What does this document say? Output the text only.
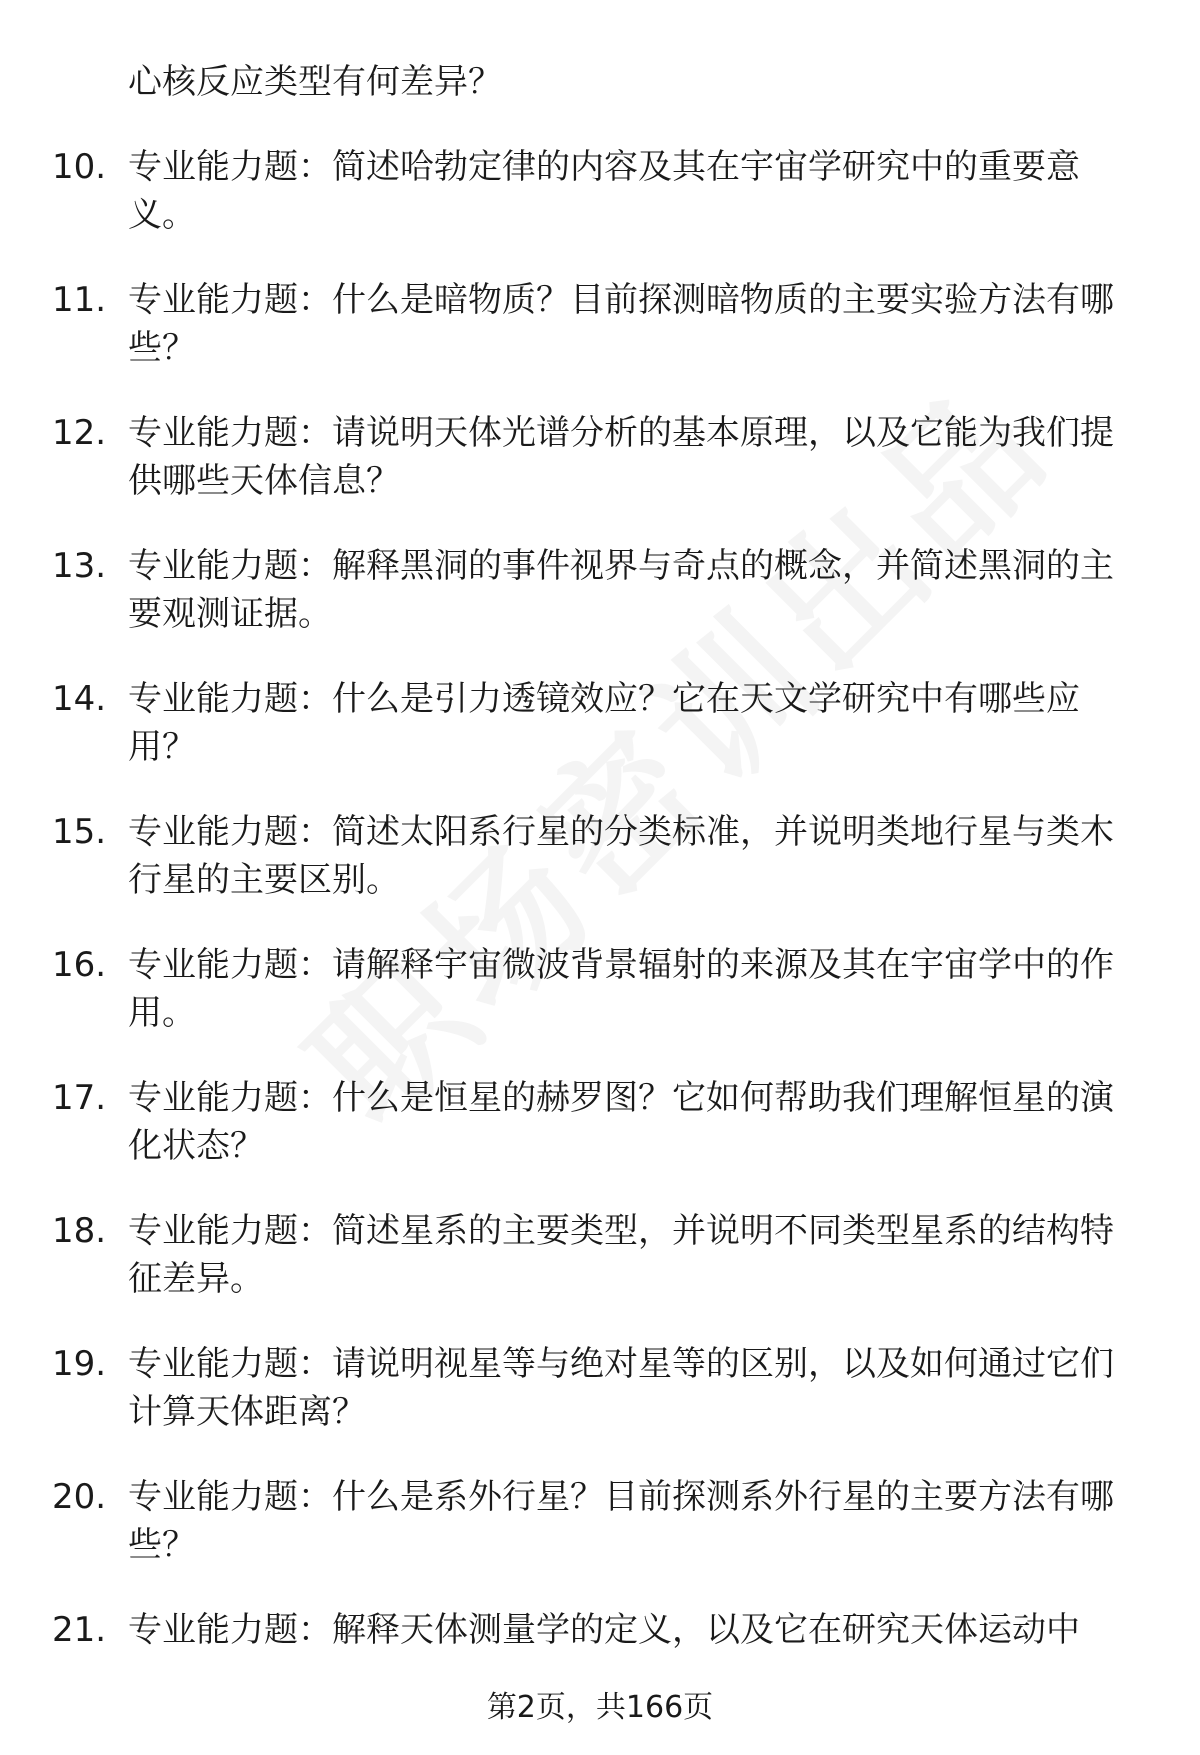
心核反应类型有何差异？
10. 专业能力题：简述哈勃定律的内容及其在宇宙学研究中的重要意义。
11. 专业能力题：什么是暗物质？目前探测暗物质的主要实验方法有哪些？
12. 专业能力题：请说明天体光谱分析的基本原理，以及它能为我们提供哪些天体信息？
13. 专业能力题：解释黑洞的事件视界与奇点的概念，并简述黑洞的主要观测证据。
14. 专业能力题：什么是引力透镜效应？它在天文学研究中有哪些应用？
15. 专业能力题：简述太阳系行星的分类标准，并说明类地行星与类木行星的主要区别。
16. 专业能力题：请解释宇宙微波背景辐射的来源及其在宇宙学中的作用。
17. 专业能力题：什么是恒星的赫罗图？它如何帮助我们理解恒星的演化状态？
18. 专业能力题：简述星系的主要类型，并说明不同类型星系的结构特征差异。
19. 专业能力题：请说明视星等与绝对星等的区别，以及如何通过它们计算天体距离？
20. 专业能力题：什么是系外行星？目前探测系外行星的主要方法有哪些？
21. 专业能力题：解释天体测量学的定义，以及它在研究天体运动中
第2页，共166页
